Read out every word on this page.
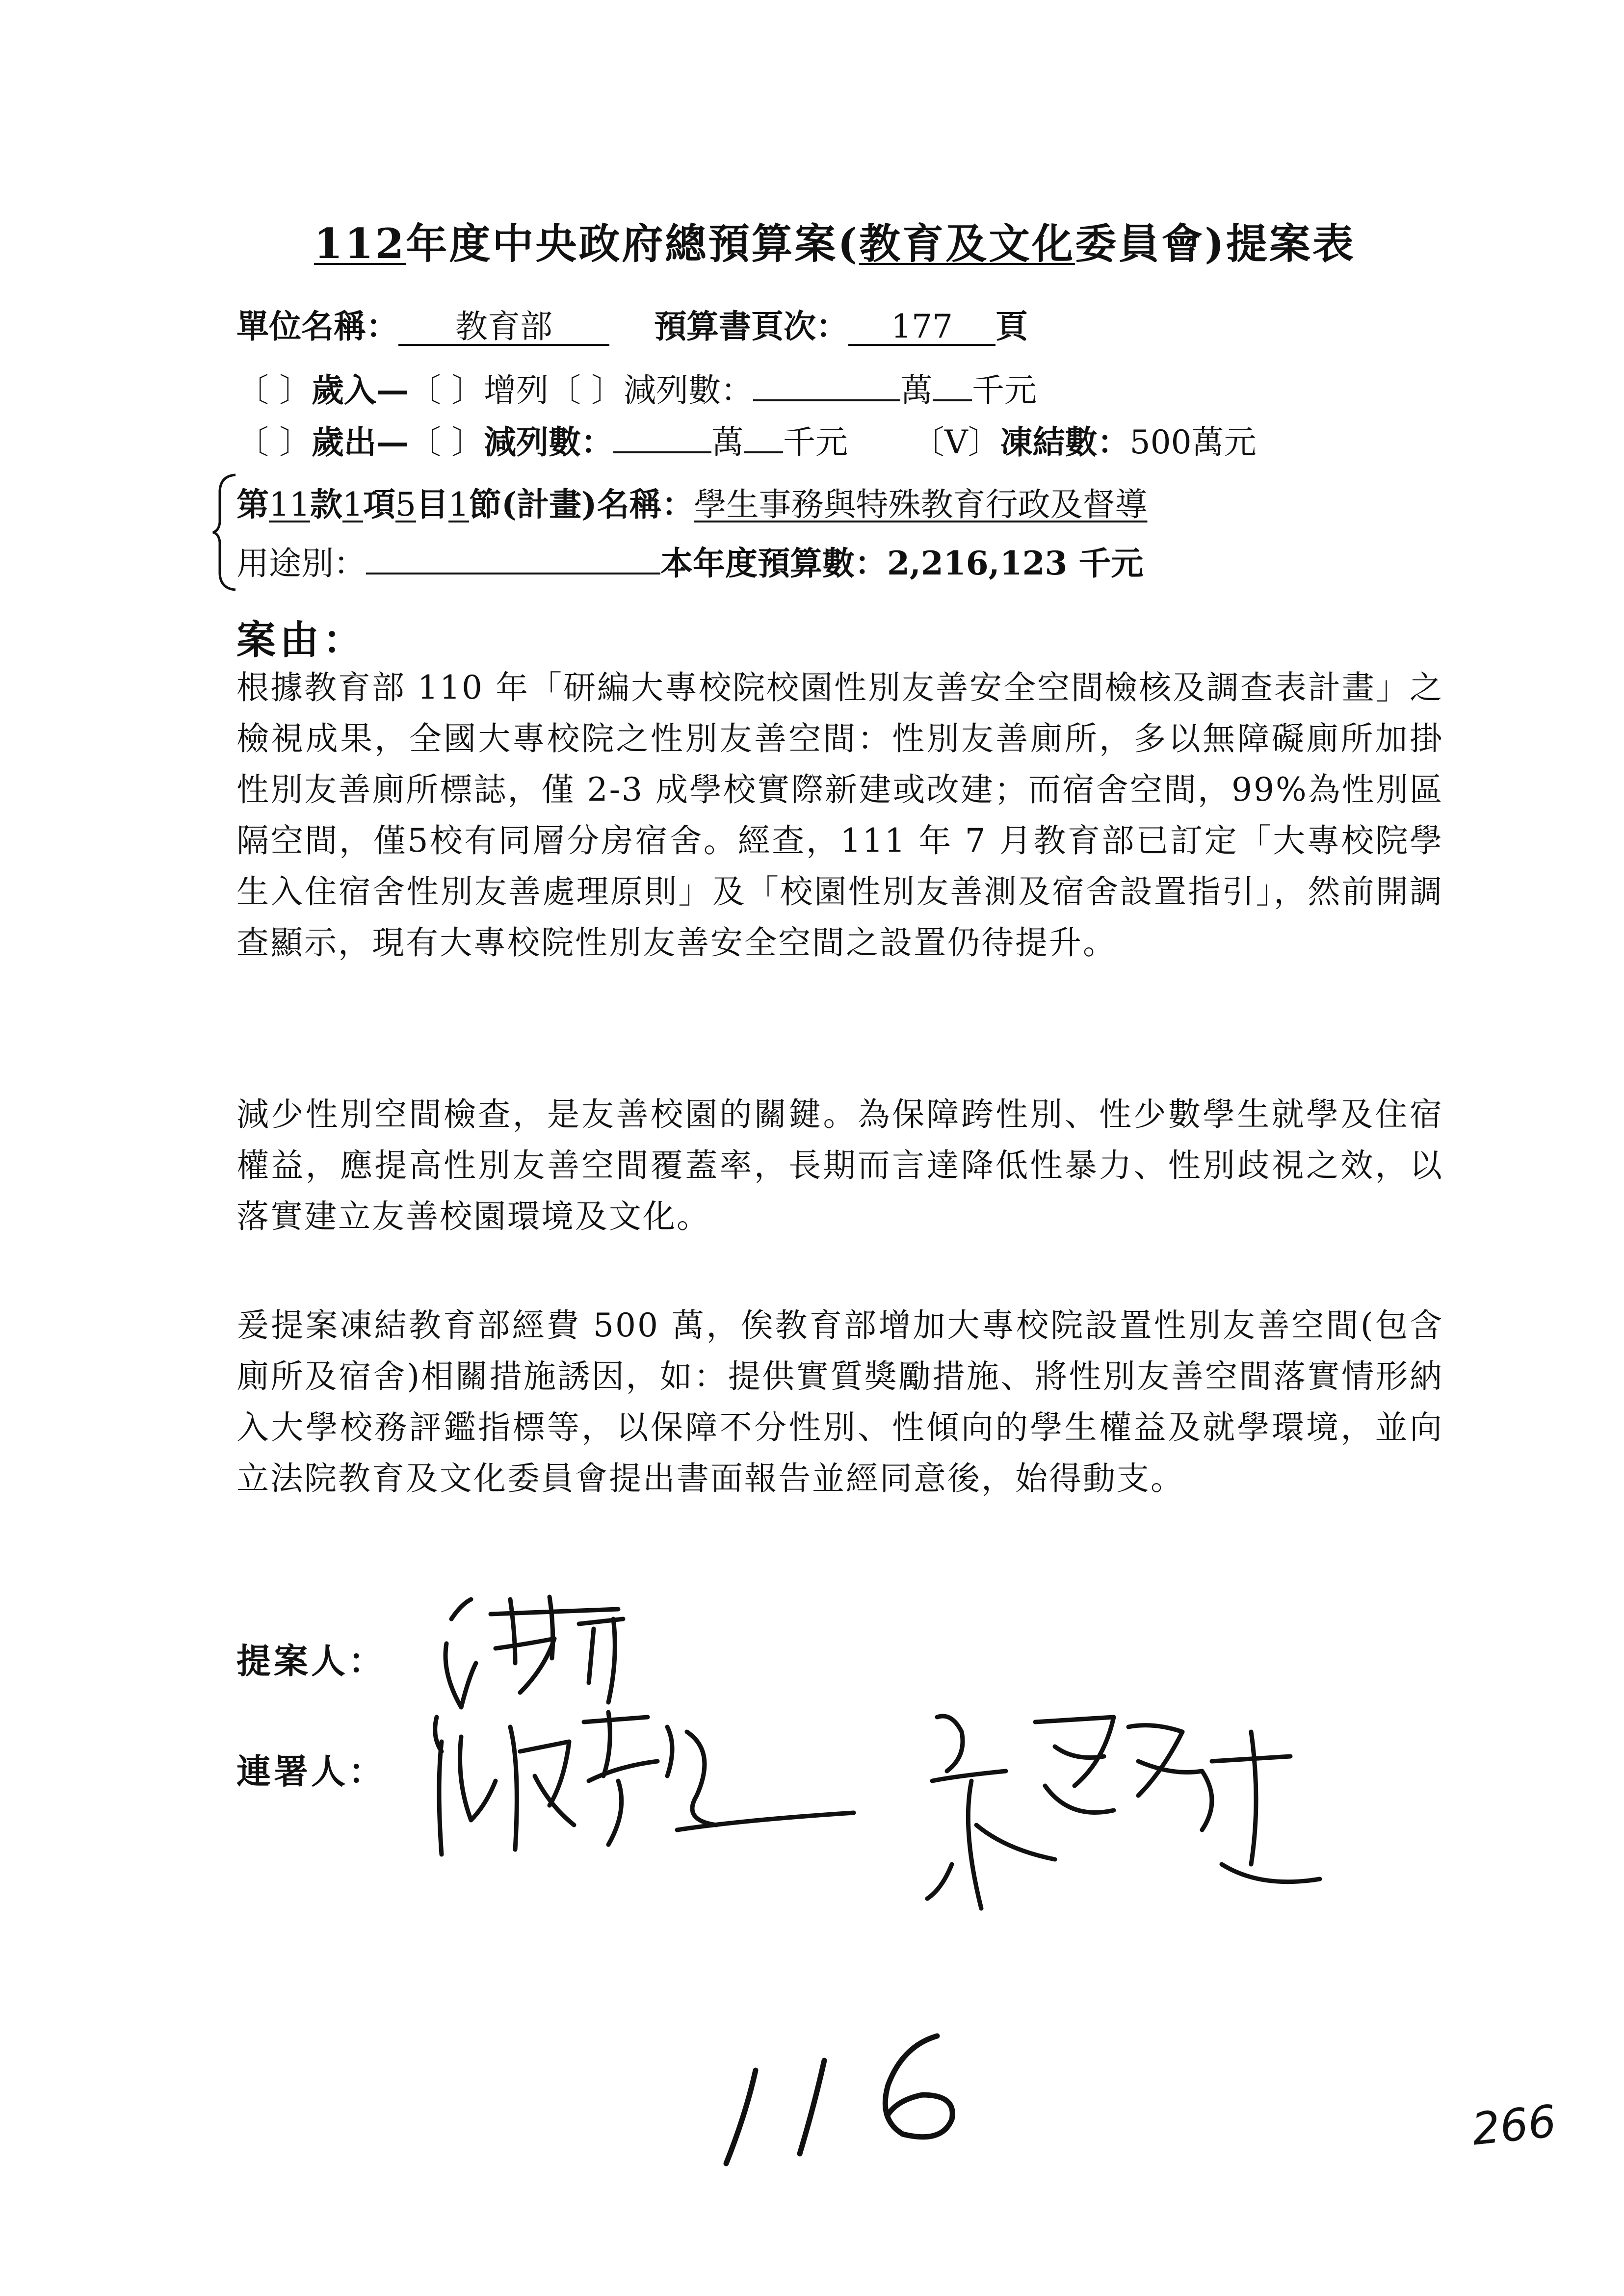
112年度中央政府總預算案(教育及文化委員會)提案表
單位名稱： 教育部	預算書頁次： 177 頁
〔 〕歲入—〔 〕增列〔 〕減列數：	萬 千元
〔 〕歲出—〔 〕減列數：	萬 千元 〔V〕凍結數：500萬元
第11款1項5目1節(計畫)名稱：學生事務與特殊教育行政及督導
用途別：	本年度預算數：2,216,123 千元
案由：
根據教育部 110 年「研編大專校院校園性別友善安全空間檢核及調查表計畫」之檢視成果，全國大專校院之性別友善空間：性別友善廁所，多以無障礙廁所加掛性別友善廁所標誌，僅 2-3 成學校實際新建或改建；而宿舍空間，99%為性別區隔空間，僅5校有同層分房宿舍。經查，111 年 7 月教育部已訂定「大專校院學生入住宿舍性別友善處理原則」及「校園性別友善測及宿舍設置指引」，然前開調查顯示，現有大專校院性別友善安全空間之設置仍待提升。
減少性別空間檢查，是友善校園的關鍵。為保障跨性別、性少數學生就學及住宿權益，應提高性別友善空間覆蓋率，長期而言達降低性暴力、性別歧視之效，以落實建立友善校園環境及文化。
爰提案凍結教育部經費 500 萬，俟教育部增加大專校院設置性別友善空間(包含廁所及宿舍)相關措施誘因，如：提供實質獎勵措施、將性別友善空間落實情形納入大學校務評鑑指標等，以保障不分性別、性傾向的學生權益及就學環境，並向立法院教育及文化委員會提出書面報告並經同意後，始得動支。
提案人：
連署人：
266
